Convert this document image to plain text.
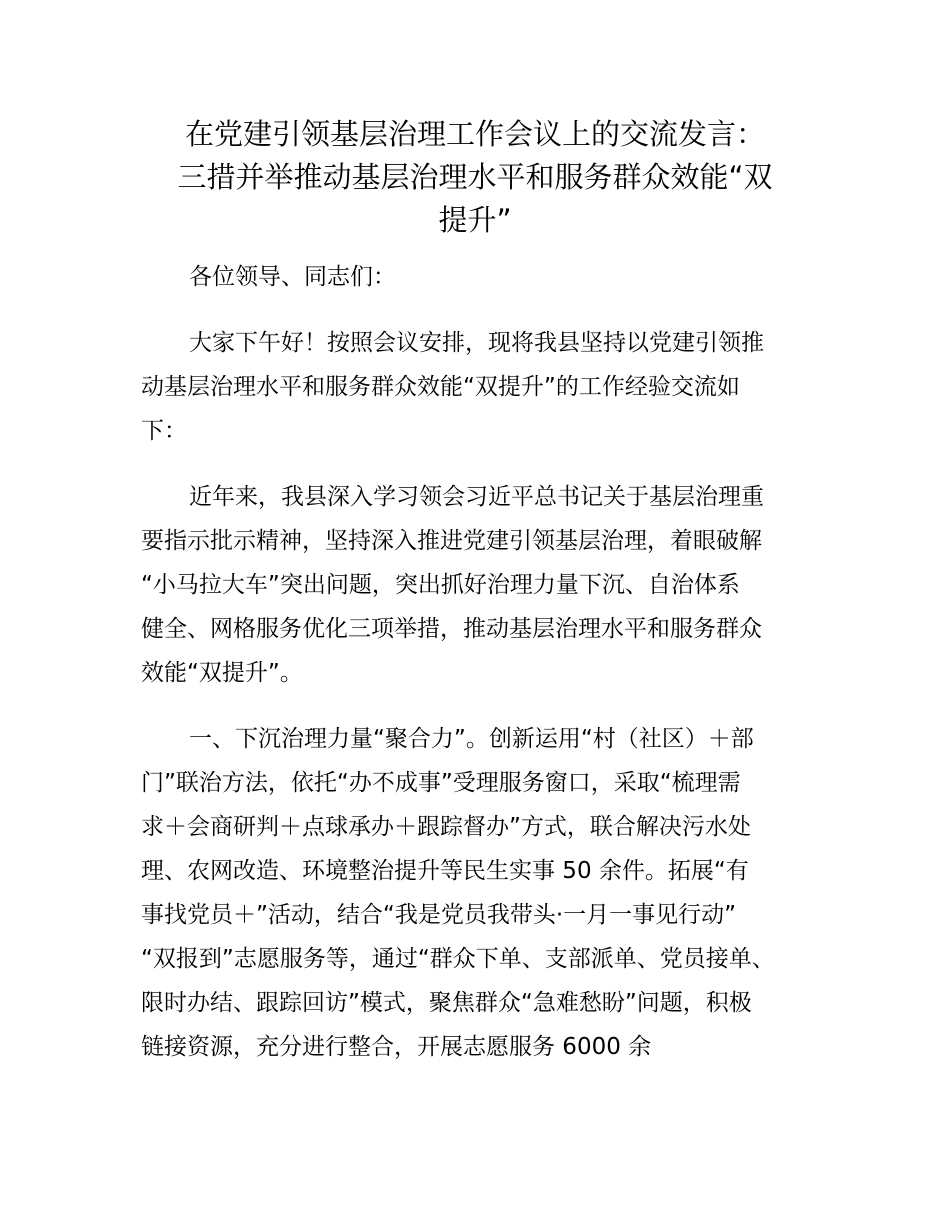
在党建引领基层治理工作会议上的交流发言：
三措并举推动基层治理水平和服务群众效能“双
提升”
各位领导、同志们：
大家下午好！按照会议安排，现将我县坚持以党建引领推
动基层治理水平和服务群众效能“双提升”的工作经验交流如
下：
近年来，我县深入学习领会习近平总书记关于基层治理重
要指示批示精神，坚持深入推进党建引领基层治理，着眼破解
“小马拉大车”突出问题，突出抓好治理力量下沉、自治体系
健全、网格服务优化三项举措，推动基层治理水平和服务群众
效能“双提升”。
一、下沉治理力量“聚合力”。创新运用“村（社区）＋部
门”联治方法，依托“办不成事”受理服务窗口，采取“梳理需
求＋会商研判＋点球承办＋跟踪督办”方式，联合解决污水处
理、农网改造、环境整治提升等民生实事 50 余件。拓展“有
事找党员＋”活动，结合“我是党员我带头·一月一事见行动”
“双报到”志愿服务等，通过“群众下单、支部派单、党员接单、
限时办结、跟踪回访”模式，聚焦群众“急难愁盼”问题，积极
链接资源，充分进行整合，开展志愿服务 6000 余
